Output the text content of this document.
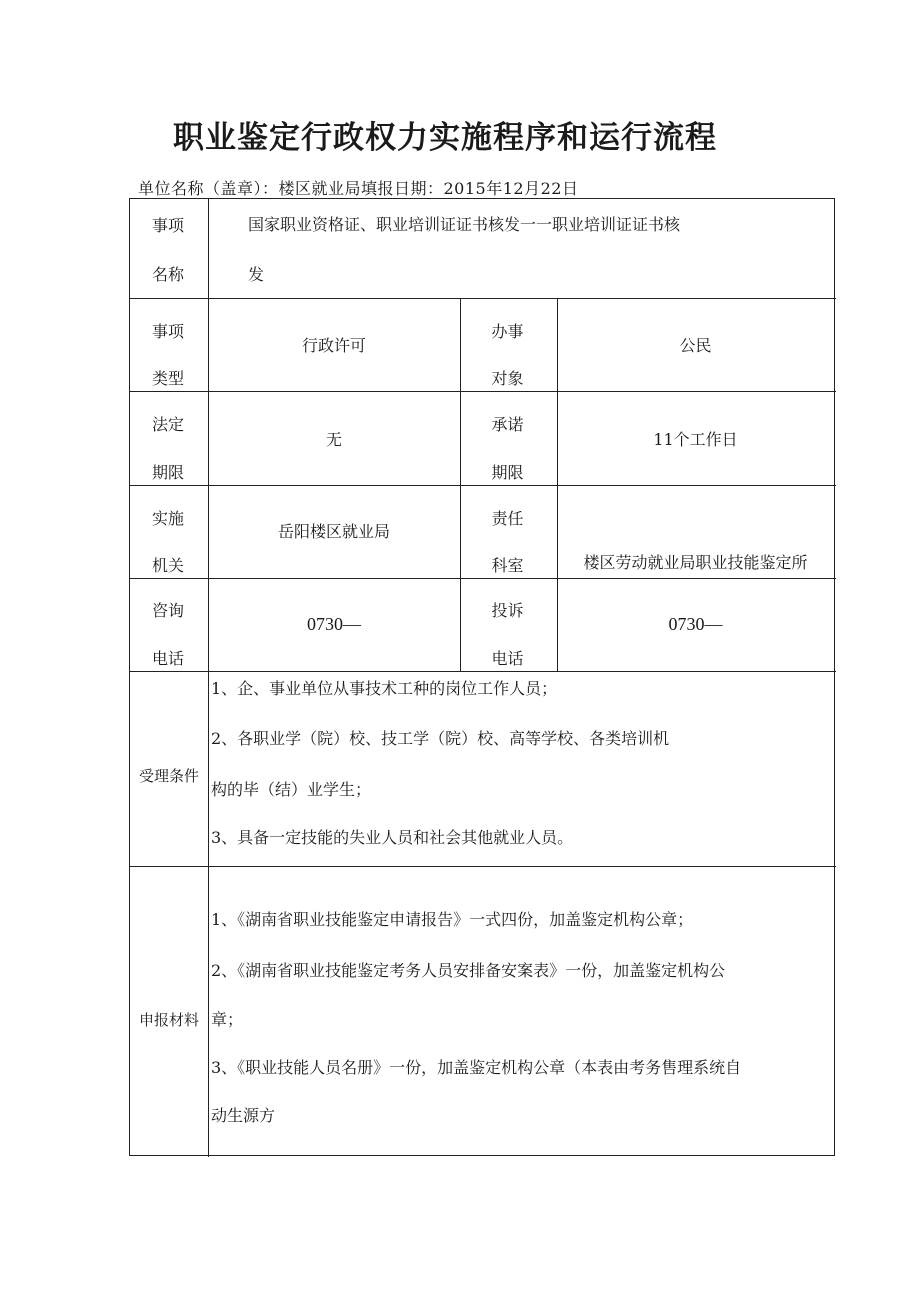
职业鉴定行政权力实施程序和运行流程
单位名称（盖章）：楼区就业局填报日期：2015年12月22日
事项
名称
国家职业资格证、职业培训证证书核发一一职业培训证证书核
发
事项
类型
行政许可
办事
对象
公民
法定
期限
无
承诺
期限
11个工作日
实施
机关
岳阳楼区就业局
责任
科室	楼区劳动就业局职业技能鉴定所
咨询
电话
0730—
投诉
电话
0730—
受理条件
1、企、事业单位从事技术工种的岗位工作人员；
2、各职业学（院）校、技工学（院）校、高等学校、各类培训机
构的毕（结）业学生；
3、具备一定技能的失业人员和社会其他就业人员。
申报材料
1、《湖南省职业技能鉴定申请报告》一式四份，加盖鉴定机构公章；
2、《湖南省职业技能鉴定考务人员安排备安案表》一份，加盖鉴定机构公
章；
3、《职业技能人员名册》一份，加盖鉴定机构公章（本表由考务售理系统自
动生源方
